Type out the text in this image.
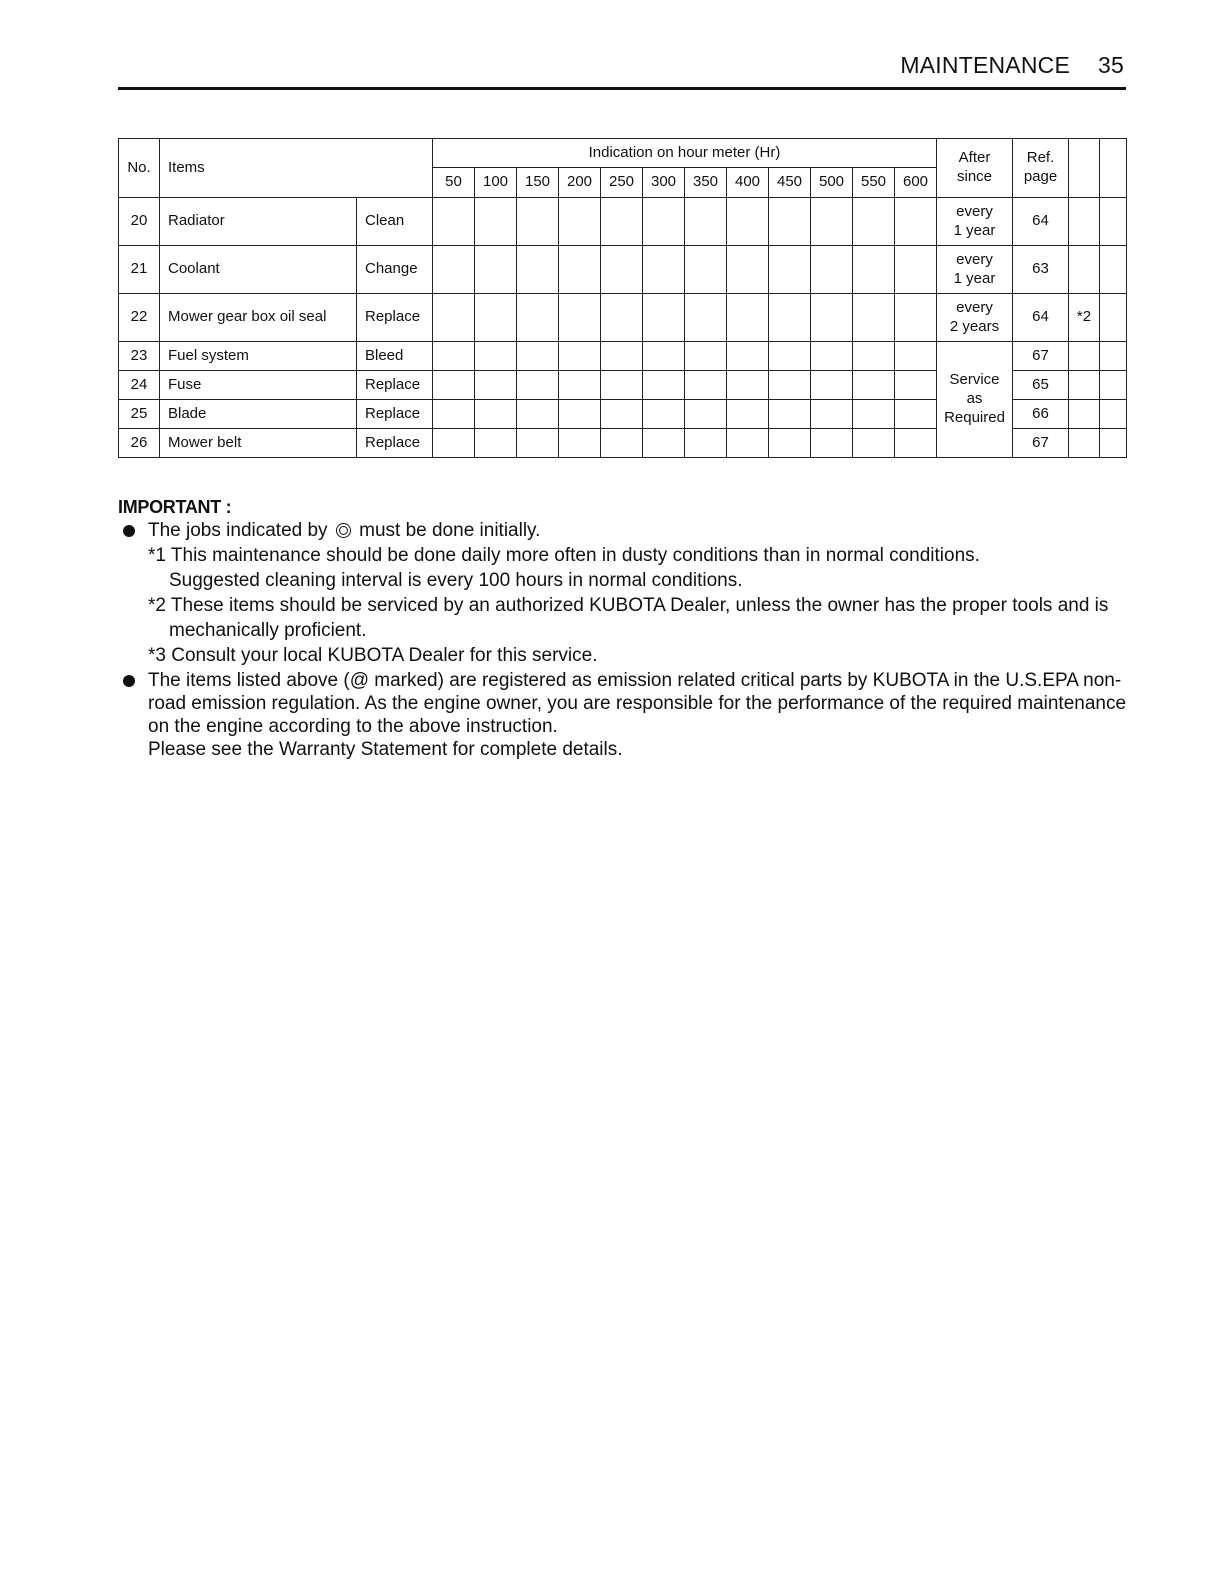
MAINTENANCE 35
No.	Items		Indication on hour meter (Hr)												After
since	Ref.
page		
			50	100	150	200	250	300	350	400	450	500	550	600				
20	Radiator	Clean													every
1 year	64		
21	Coolant	Change													every
1 year	63		
22	Mower gear box oil seal	Replace													every
2 years	64	*2	
23	Fuel system	Bleed													Service
as
Required	67		
24	Fuse	Replace														65		
25	Blade	Replace														66		
26	Mower belt	Replace														67		
IMPORTANT :
The jobs indicated by must be done initially.
*1 This maintenance should be done daily more often in dusty conditions than in normal conditions.
Suggested cleaning interval is every 100 hours in normal conditions.
*2 These items should be serviced by an authorized KUBOTA Dealer, unless the owner has the proper tools and is
mechanically proficient.
*3 Consult your local KUBOTA Dealer for this service.
The items listed above (@ marked) are registered as emission related critical parts by KUBOTA in the U.S.EPA non-
road emission regulation. As the engine owner, you are responsible for the performance of the required maintenance
on the engine according to the above instruction.
Please see the Warranty Statement for complete details.
